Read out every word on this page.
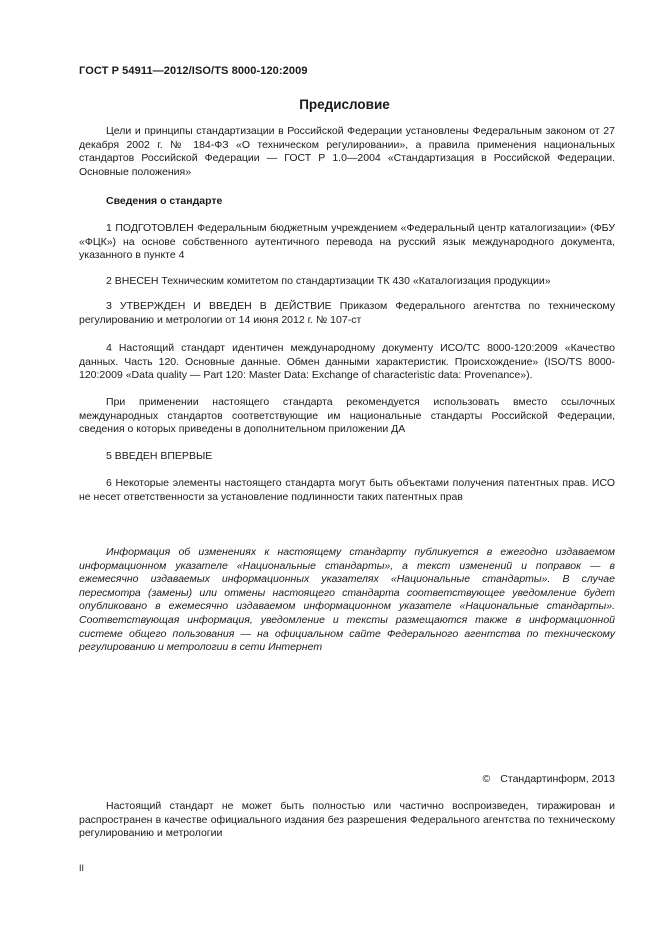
ГОСТ Р 54911—2012/ISO/TS 8000-120:2009
Предисловие

Цели и принципы стандартизации в Российской Федерации установлены Федеральным законом от 27 декабря 2002 г. № 184-ФЗ «О техническом регулировании», а правила применения национальных стандартов Российской Федерации — ГОСТ Р 1.0—2004 «Стандартизация в Российской Федерации. Основные положения»

Сведения о стандарте

1 ПОДГОТОВЛЕН Федеральным бюджетным учреждением «Федеральный центр каталогизации» (ФБУ «ФЦК») на основе собственного аутентичного перевода на русский язык международного документа, указанного в пункте 4

2 ВНЕСЕН Техническим комитетом по стандартизации ТК 430 «Каталогизация продукции»

3 УТВЕРЖДЕН И ВВЕДЕН В ДЕЙСТВИЕ Приказом Федерального агентства по техническому регулированию и метрологии от 14 июня 2012 г. № 107-ст

4 Настоящий стандарт идентичен международному документу ИСО/TC 8000-120:2009 «Качество данных. Часть 120. Основные данные. Обмен данными характеристик. Происхождение» (ISO/TS 8000-120:2009 «Data quality — Part 120: Master Data: Exchange of characteristic data: Provenance»).

При применении настоящего стандарта рекомендуется использовать вместо ссылочных международных стандартов соответствующие им национальные стандарты Российской Федерации, сведения о которых приведены в дополнительном приложении ДА

5 ВВЕДЕН ВПЕРВЫЕ

6 Некоторые элементы настоящего стандарта могут быть объектами получения патентных прав. ИСО не несет ответственности за установление подлинности таких патентных прав

Информация об изменениях к настоящему стандарту публикуется в ежегодно издаваемом информационном указателе «Национальные стандарты», а текст изменений и поправок — в ежемесячно издаваемых информационных указателях «Национальные стандарты». В случае пересмотра (замены) или отмены настоящего стандарта соответствующее уведомление будет опубликовано в ежемесячно издаваемом информационном указателе «Национальные стандарты». Соответствующая информация, уведомление и тексты размещаются также в информационной системе общего пользования — на официальном сайте Федерального агентства по техническому регулированию и метрологии в сети Интернет

© Стандартинформ, 2013

Настоящий стандарт не может быть полностью или частично воспроизведен, тиражирован и распространен в качестве официального издания без разрешения Федерального агентства по техническому регулированию и метрологии

II
